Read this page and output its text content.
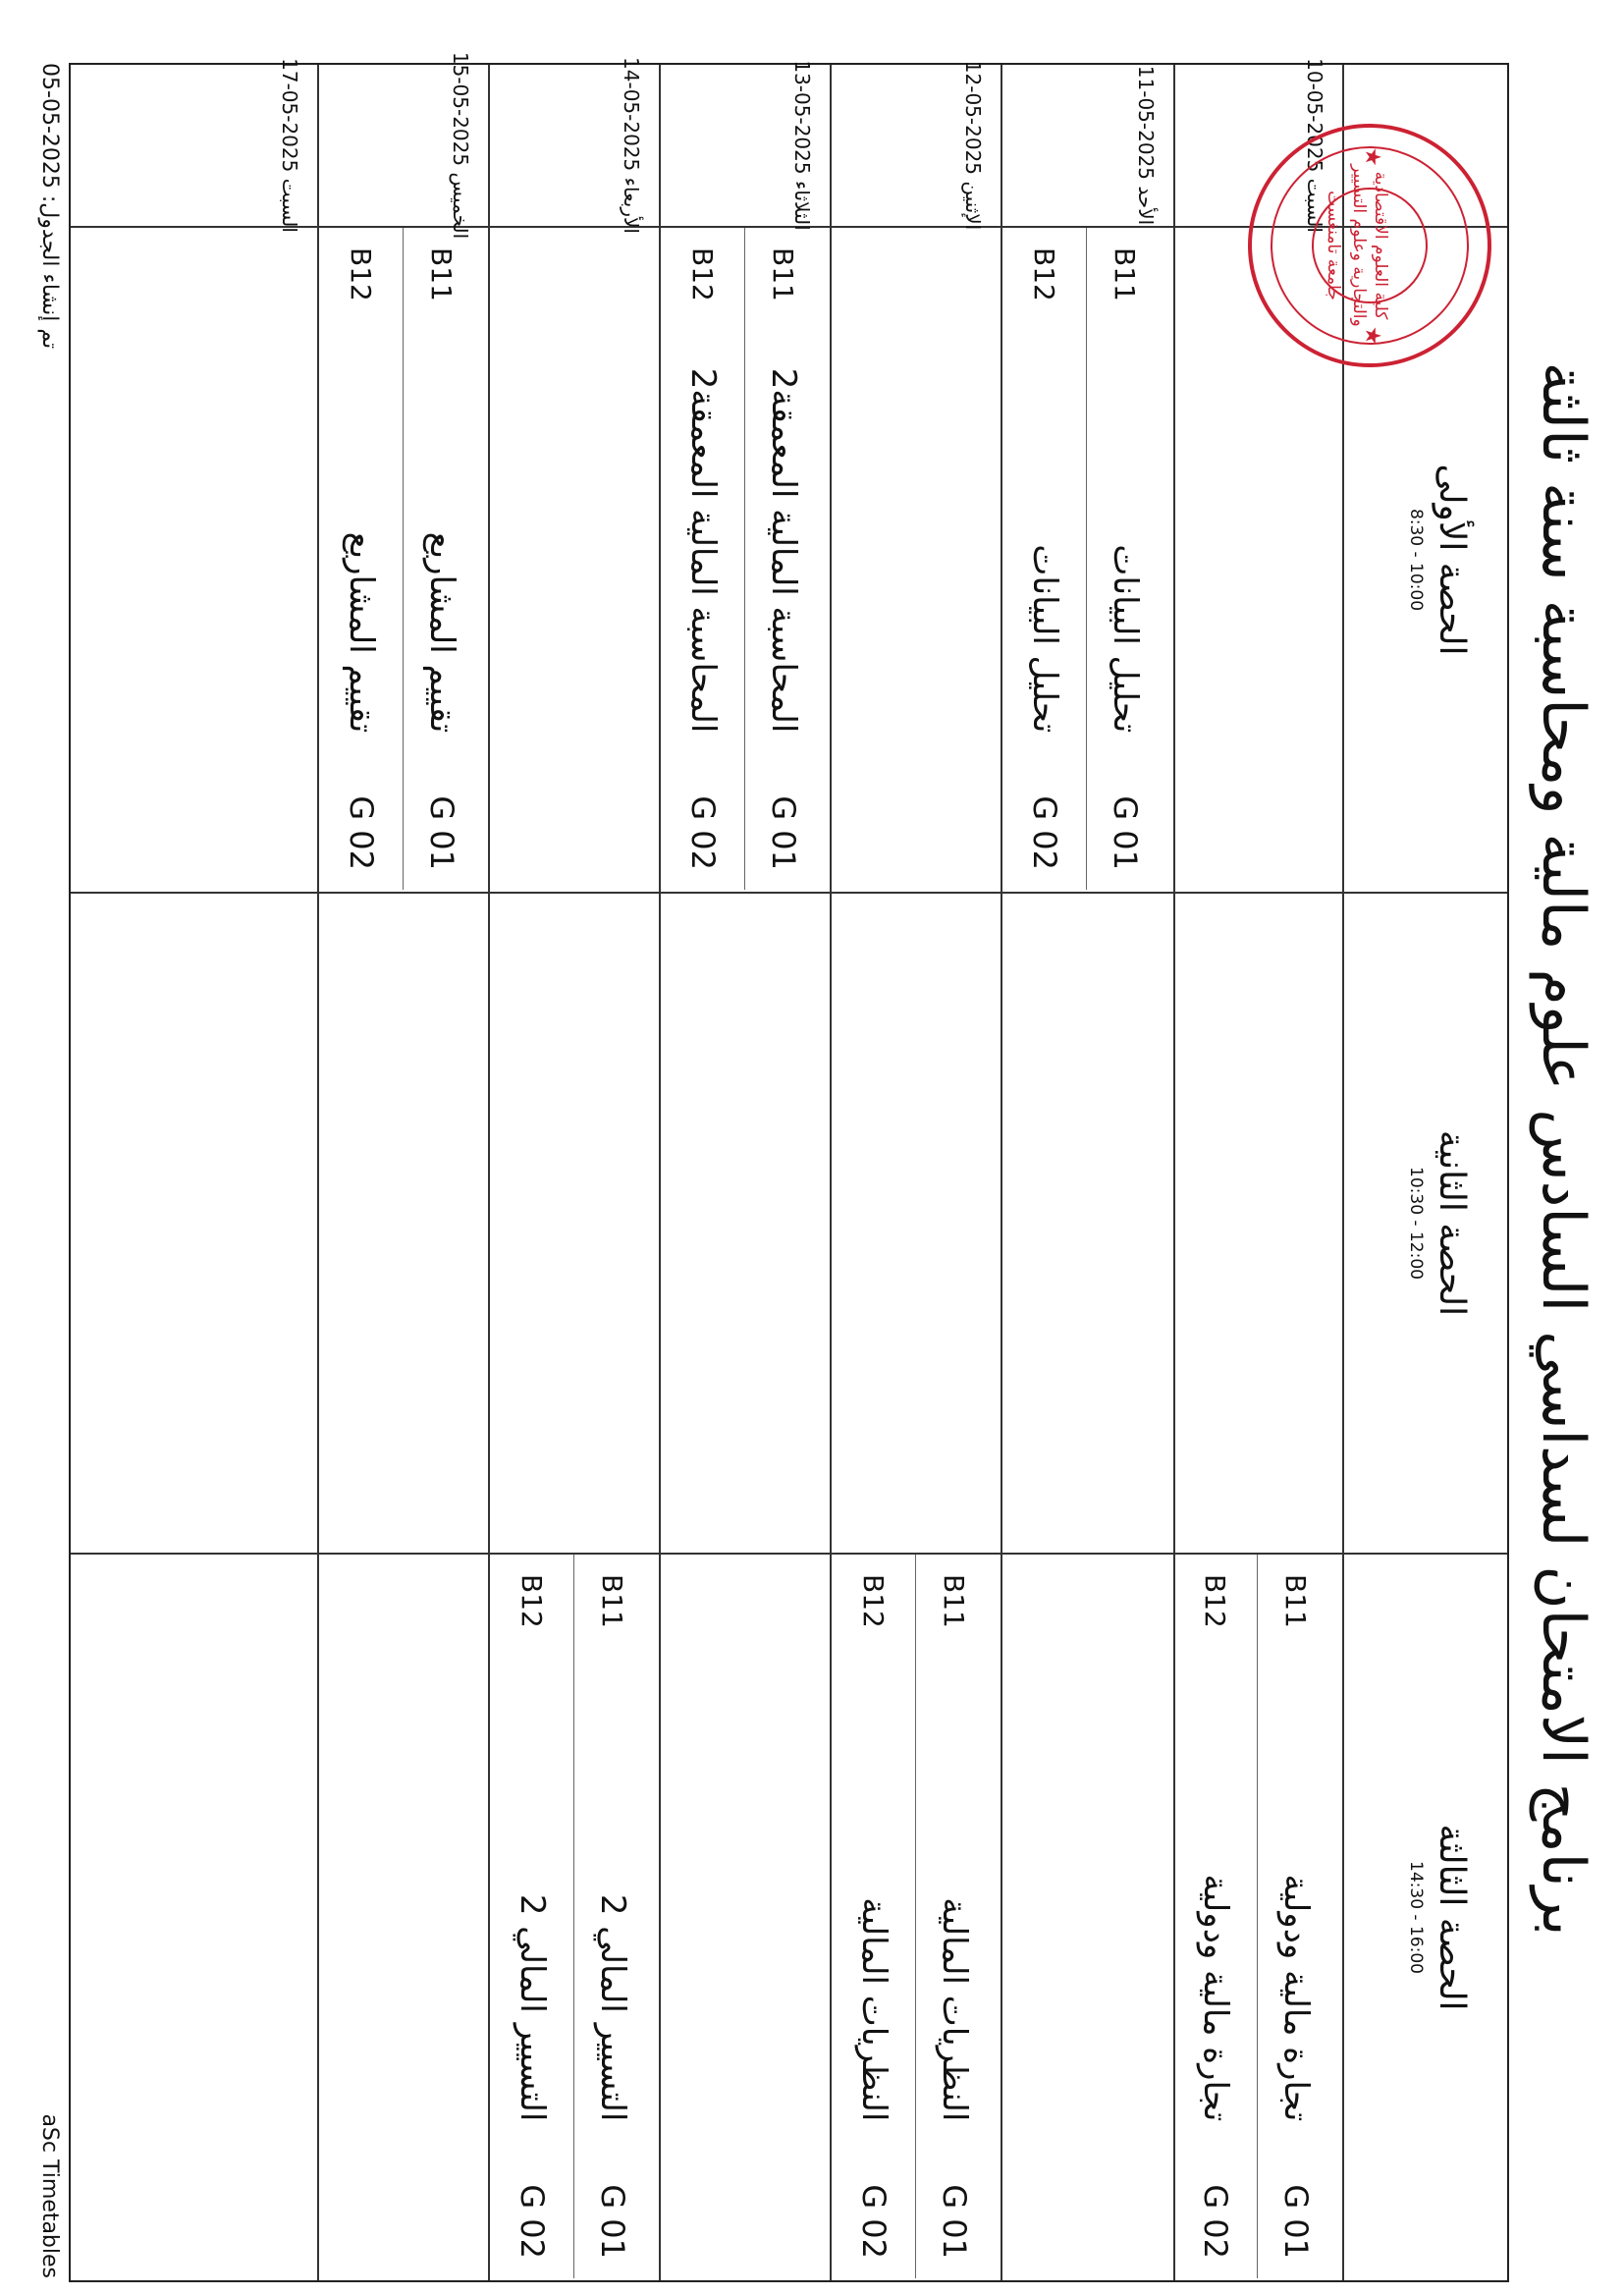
برنامج الامتحان لسداسي السادس علوم مالية ومحاسبة سنة ثالثة
الحصة الأولى
8:30 - 10:00
الحصة الثانية
10:30 - 12:00
الحصة الثالثة
14:30 - 16:00
السبت 2025-05-10
الأحد 2025-05-11
الإثنين 2025-05-12
الثلاثاء 2025-05-13
الأربعاء 2025-05-14
الخميس 2025-05-15
السبت 2025-05-17
B11
تجارة مالية ودولية
G 01
B12
تجارة مالية ودولية
G 02
B11
تحليل البيانات
G 01
B12
تحليل البيانات
G 02
B11
النظريات المالية
G 01
B12
النظريات المالية
G 02
B11
المحاسبة المالية المعمقة2
G 01
B12
المحاسبة المالية المعمقة2
G 02
B11
التسيير المالي 2
G 01
B12
التسيير المالي 2
G 02
B11
تقييم المشاريع
G 01
B12
تقييم المشاريع
G 02
★
★
كلية العلوم الاقتصادية والتجارية وعلوم التسيير
جامعة تامنغست
تم إنشاء الجدول: 2025-05-05
aSc Timetables
